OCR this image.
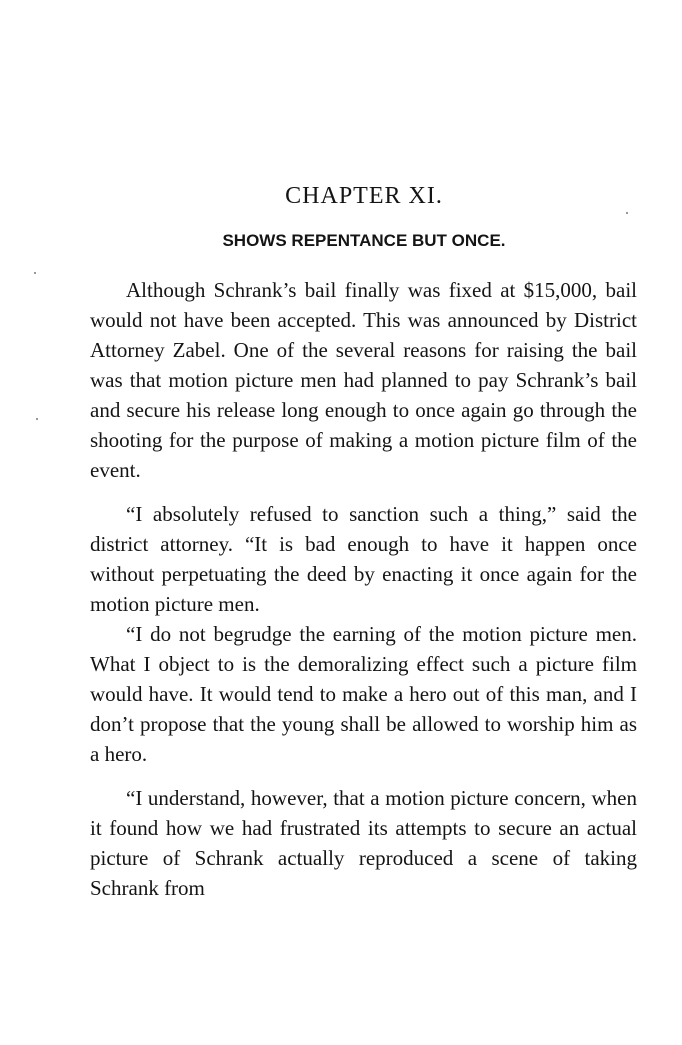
CHAPTER XI.
SHOWS REPENTANCE BUT ONCE.

Although Schrank’s bail finally was fixed at $15,000, bail would not have been accepted. This was announced by District Attorney Zabel. One of the several reasons for raising the bail was that motion picture men had planned to pay Schrank’s bail and secure his release long enough to once again go through the shooting for the purpose of making a motion picture film of the event.

“I absolutely refused to sanction such a thing,” said the district attorney. “It is bad enough to have it happen once without perpetuating the deed by enacting it once again for the motion picture men.

“I do not begrudge the earning of the motion picture men. What I object to is the demoralizing effect such a picture film would have. It would tend to make a hero out of this man, and I don’t propose that the young shall be allowed to worship him as a hero.

“I understand, however, that a motion picture concern, when it found how we had frustrated its attempts to secure an actual picture of Schrank actually reproduced a scene of taking Schrank from
